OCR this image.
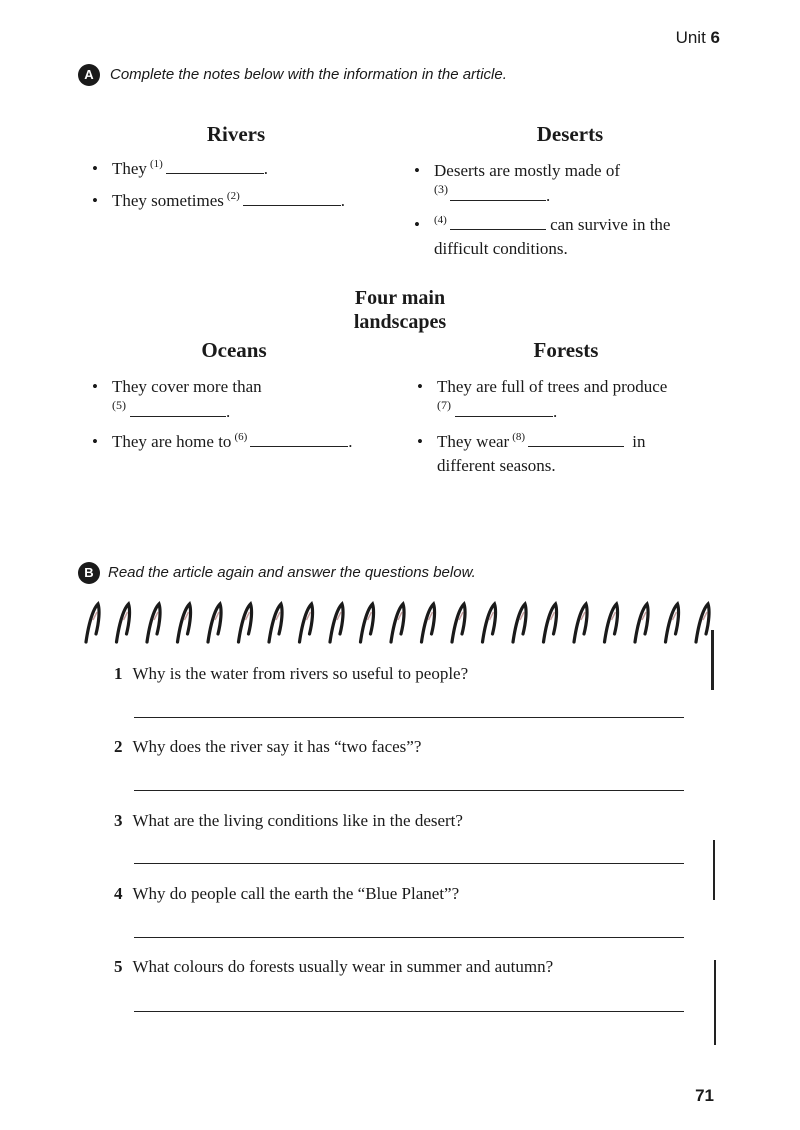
Unit 6
A	Complete the notes below with the information in the article.
Rivers
• They $^{(1)}$	.
• They sometimes $^{(2)}$	.
Deserts
• Deserts are mostly made of
$^{(3)}$	.
• $^{(4)}$	can survive in the
difficult conditions.
Four main
landscapes
Oceans
• They cover more than
$^{(5)}$	.
• They are home to $^{(6)}$	.
Forests
• They are full of trees and produce
$^{(7)}$	.
• They wear $^{(8)}$	in
different seasons.
B Read the article again and answer the questions below.
1 Why is the water from rivers so useful to people?
2 Why does the river say it has “two faces”?
3 What are the living conditions like in the desert?
4 Why do people call the earth the “Blue Planet”?
5 What colours do forests usually wear in summer and autumn?
71
